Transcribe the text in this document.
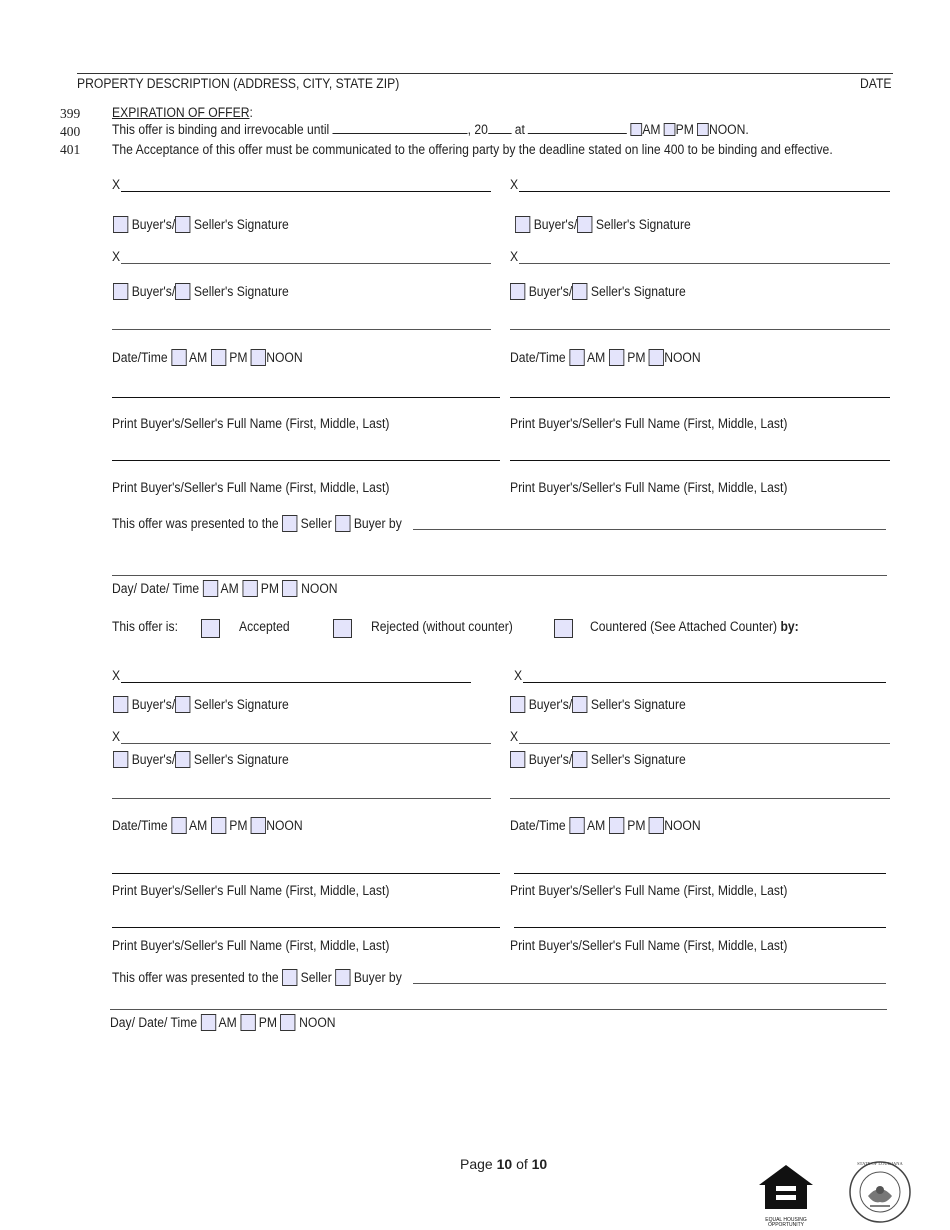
PROPERTY DESCRIPTION (ADDRESS, CITY, STATE ZIP)	DATE
399 EXPIRATION OF OFFER:
400 This offer is binding and irrevocable until	, 20 at	AM PM NOON.
401 The Acceptance of this offer must be communicated to the offering party by the deadline stated on line 400 to be binding and effective.
X	X
Buyer's/ Seller's Signature	Buyer's/ Seller's Signature
X	X
Buyer's/ Seller's Signature	Buyer's/ Seller's Signature
Date/Time AM PM NOON	Date/Time AM PM NOON
Print Buyer's/Seller's Full Name (First, Middle, Last)	Print Buyer's/Seller's Full Name (First, Middle, Last)
Print Buyer's/Seller's Full Name (First, Middle, Last)	Print Buyer's/Seller's Full Name (First, Middle, Last)
This offer was presented to the Seller Buyer by
Day/ Date/ Time AM PM NOON
This offer is:	Accepted	Rejected (without counter)	Countered (See Attached Counter) by:
X	X
Buyer's/ Seller's Signature	Buyer's/ Seller's Signature
X	X
Buyer's/ Seller's Signature	Buyer's/ Seller's Signature
Date/Time AM PM NOON	Date/Time AM PM NOON
Print Buyer's/Seller's Full Name (First, Middle, Last)	Print Buyer's/Seller's Full Name (First, Middle, Last)
Print Buyer's/Seller's Full Name (First, Middle, Last)	Print Buyer's/Seller's Full Name (First, Middle, Last)
This offer was presented to the Seller Buyer by
Day/ Date/ Time AM PM NOON
Page 10 of 10
EQUAL HOUSING OPPORTUNITY
STATE OF LOUISIANA
